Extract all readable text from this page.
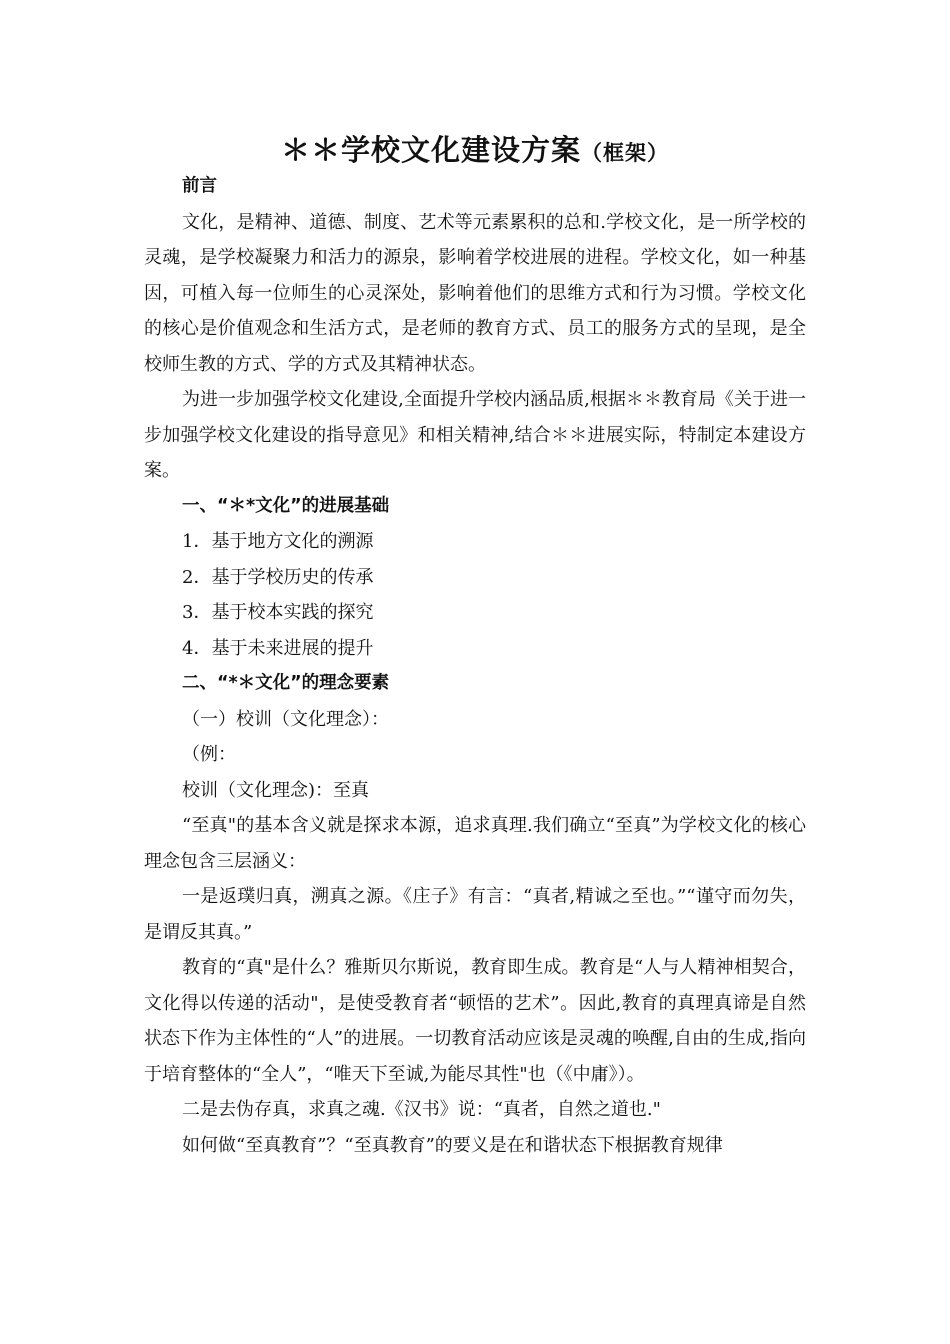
＊＊学校文化建设方案（框架）

前言

文化，是精神、道德、制度、艺术等元素累积的总和.学校文化，是一所学校的灵魂，是学校凝聚力和活力的源泉，影响着学校进展的进程。学校文化，如一种基因，可植入每一位师生的心灵深处，影响着他们的思维方式和行为习惯。学校文化的核心是价值观念和生活方式，是老师的教育方式、员工的服务方式的呈现，是全校师生教的方式、学的方式及其精神状态。

为进一步加强学校文化建设,全面提升学校内涵品质,根据＊＊教育局《关于进一步加强学校文化建设的指导意见》和相关精神,结合＊＊进展实际，特制定本建设方案。

一、“＊*文化”的进展基础

1．基于地方文化的溯源

2．基于学校历史的传承

3．基于校本实践的探究

4．基于未来进展的提升

二、“*＊文化”的理念要素

（一）校训（文化理念）：

（例：

校训（文化理念)：至真

“至真"的基本含义就是探求本源，追求真理.我们确立“至真”为学校文化的核心理念包含三层涵义：

一是返璞归真，溯真之源。《庄子》有言：“真者,精诚之至也。”“谨守而勿失，是谓反其真。”

教育的“真"是什么？雅斯贝尔斯说，教育即生成。教育是“人与人精神相契合，文化得以传递的活动"，是使受教育者“顿悟的艺术”。因此,教育的真理真谛是自然状态下作为主体性的“人”的进展。一切教育活动应该是灵魂的唤醒,自由的生成,指向于培育整体的“全人”，“唯天下至诚,为能尽其性"也（《中庸》）。

二是去伪存真，求真之魂.《汉书》说：“真者，自然之道也."

如何做“至真教育”？“至真教育”的要义是在和谐状态下根据教育规律
